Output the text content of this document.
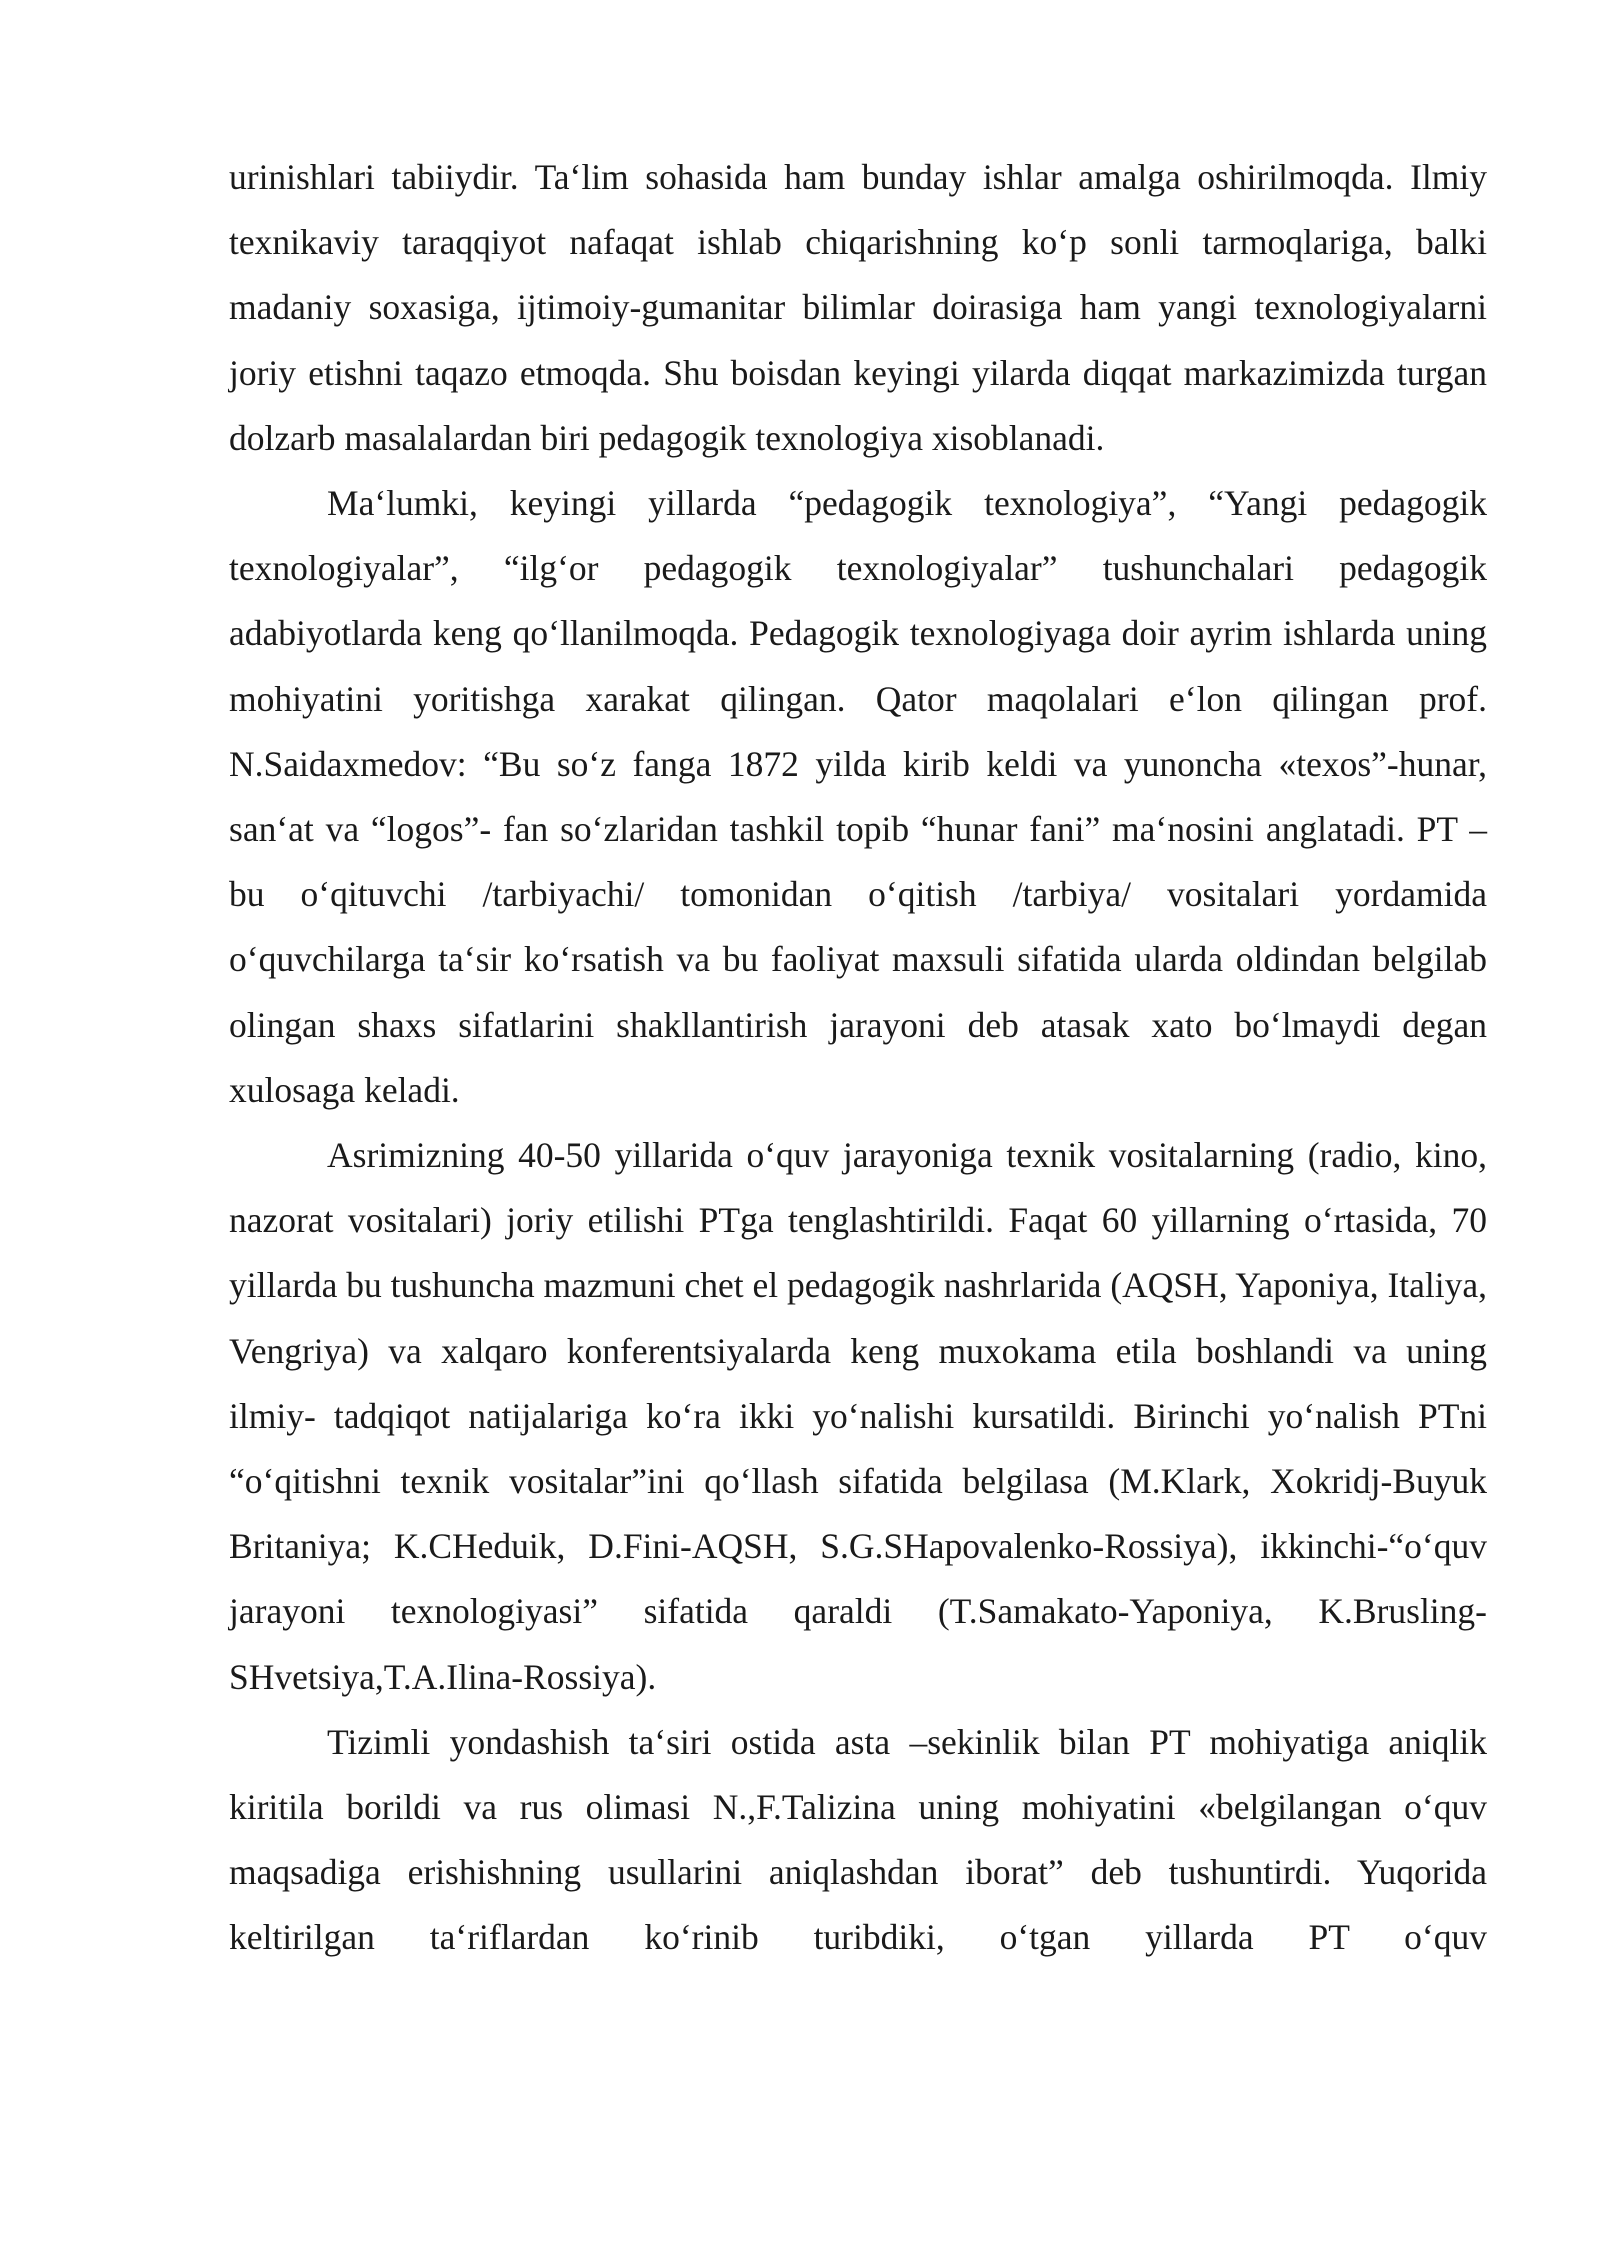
urinishlari tabiiydir. Ta‘lim sohasida ham bunday ishlar amalga oshirilmoqda. Ilmiy texnikaviy taraqqiyot nafaqat ishlab chiqarishning ko‘p sonli tarmoqlariga, balki madaniy soxasiga, ijtimoiy-gumanitar bilimlar doirasiga ham yangi texnologiyalarni joriy etishni taqazo etmoqda. Shu boisdan keyingi yilarda diqqat markazimizda turgan dolzarb masalalardan biri pedagogik texnologiya xisoblanadi.

Ma‘lumki, keyingi yillarda “pedagogik texnologiya”, “Yangi pedagogik texnologiyalar”, “ilg‘or pedagogik texnologiyalar” tushunchalari pedagogik adabiyotlarda keng qo‘llanilmoqda. Pedagogik texnologiyaga doir ayrim ishlarda uning mohiyatini yoritishga xarakat qilingan. Qator maqolalari e‘lon qilingan prof. N.Saidaxmedov: “Bu so‘z fanga 1872 yilda kirib keldi va yunoncha «texos”-hunar, san‘at va “logos”- fan so‘zlaridan tashkil topib “hunar fani” ma‘nosini anglatadi. PT – bu o‘qituvchi /tarbiyachi/ tomonidan o‘qitish /tarbiya/ vositalari yordamida o‘quvchilarga ta‘sir ko‘rsatish va bu faoliyat maxsuli sifatida ularda oldindan belgilab olingan shaxs sifatlarini shakllantirish jarayoni deb atasak xato bo‘lmaydi degan xulosaga keladi.

Asrimizning 40-50 yillarida o‘quv jarayoniga texnik vositalarning (radio, kino, nazorat vositalari) joriy etilishi PTga tenglashtirildi. Faqat 60 yillarning o‘rtasida, 70 yillarda bu tushuncha mazmuni chet el pedagogik nashrlarida (AQSH, Yaponiya, Italiya, Vengriya) va xalqaro konferentsiyalarda keng muxokama etila boshlandi va uning ilmiy- tadqiqot natijalariga ko‘ra ikki yo‘nalishi kursatildi. Birinchi yo‘nalish PTni “o‘qitishni texnik vositalar”ini qo‘llash sifatida belgilasa (M.Klark, Xokridj-Buyuk Britaniya; K.CHeduik, D.Fini-AQSH, S.G.SHapovalenko-Rossiya), ikkinchi-“o‘quv jarayoni texnologiyasi” sifatida qaraldi (T.Samakato-Yaponiya, K.Brusling-SHvetsiya,T.A.Ilina-Rossiya).

Tizimli yondashish ta‘siri ostida asta –sekinlik bilan PT mohiyatiga aniqlik kiritila borildi va rus olimasi N.,F.Talizina uning mohiyatini «belgilangan o‘quv maqsadiga erishishning usullarini aniqlashdan iborat” deb tushuntirdi. Yuqorida keltirilgan ta‘riflardan ko‘rinib turibdiki, o‘tgan yillarda PT o‘quv
